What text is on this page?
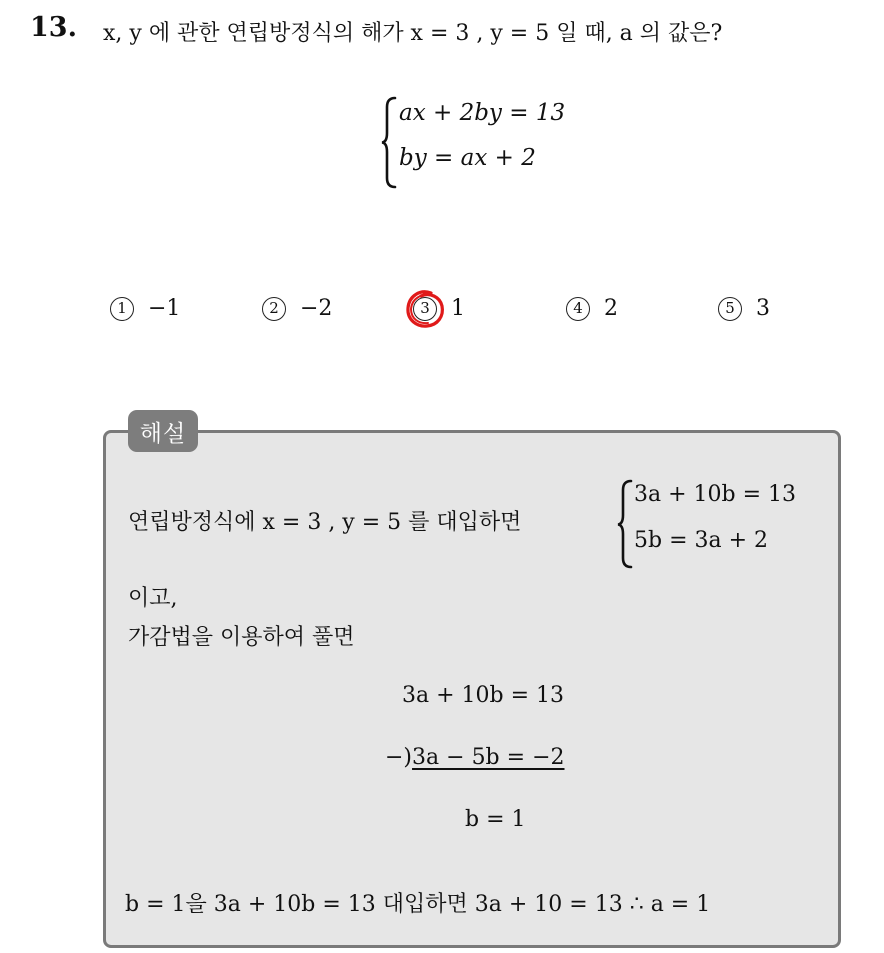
13. x, y 에 관한 연립방정식의 해가 x = 3 , y = 5 일 때, a 의 값은?
ax + 2by = 13
by = ax + 2
1 −1	2 −2	3 1	4 2	5 3
해설
연립방정식에 x = 3 , y = 5 를 대입하면
3a + 10b = 13
5b = 3a + 2
이고,
가감법을 이용하여 풀면
3a + 10b = 13
−)3a − 5b = −2
b = 1
b = 1을 3a + 10b = 13 대입하면 3a + 10 = 13 ∴ a = 1
